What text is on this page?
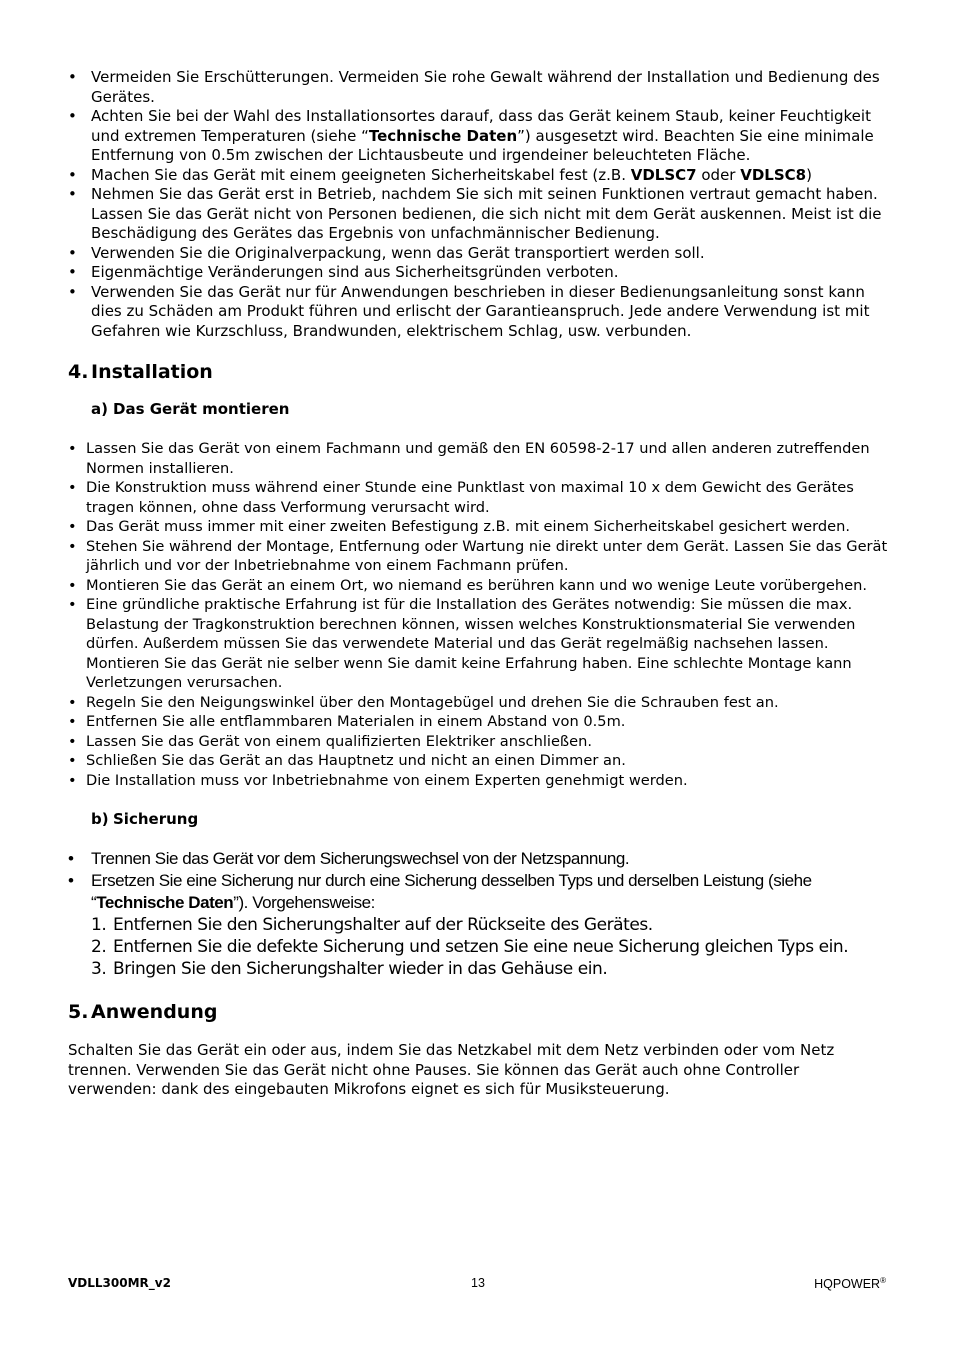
• Vermeiden Sie Erschütterungen. Vermeiden Sie rohe Gewalt während der Installation und Bedienung des Gerätes.
• Achten Sie bei der Wahl des Installationsortes darauf, dass das Gerät keinem Staub, keiner Feuchtigkeit und extremen Temperaturen (siehe “Technische Daten”) ausgesetzt wird. Beachten Sie eine minimale Entfernung von 0.5m zwischen der Lichtausbeute und irgendeiner beleuchteten Fläche.
• Machen Sie das Gerät mit einem geeigneten Sicherheitskabel fest (z.B. VDLSC7 oder VDLSC8)
• Nehmen Sie das Gerät erst in Betrieb, nachdem Sie sich mit seinen Funktionen vertraut gemacht haben. Lassen Sie das Gerät nicht von Personen bedienen, die sich nicht mit dem Gerät auskennen. Meist ist die Beschädigung des Gerätes das Ergebnis von unfachmännischer Bedienung.
• Verwenden Sie die Originalverpackung, wenn das Gerät transportiert werden soll.
• Eigenmächtige Veränderungen sind aus Sicherheitsgründen verboten.
• Verwenden Sie das Gerät nur für Anwendungen beschrieben in dieser Bedienungsanleitung sonst kann dies zu Schäden am Produkt führen und erlischt der Garantieanspruch. Jede andere Verwendung ist mit Gefahren wie Kurzschluss, Brandwunden, elektrischem Schlag, usw. verbunden.
4. Installation
a) Das Gerät montieren
• Lassen Sie das Gerät von einem Fachmann und gemäß den EN 60598-2-17 und allen anderen zutreffenden Normen installieren.
• Die Konstruktion muss während einer Stunde eine Punktlast von maximal 10 x dem Gewicht des Gerätes tragen können, ohne dass Verformung verursacht wird.
• Das Gerät muss immer mit einer zweiten Befestigung z.B. mit einem Sicherheitskabel gesichert werden.
• Stehen Sie während der Montage, Entfernung oder Wartung nie direkt unter dem Gerät. Lassen Sie das Gerät jährlich und vor der Inbetriebnahme von einem Fachmann prüfen.
• Montieren Sie das Gerät an einem Ort, wo niemand es berühren kann und wo wenige Leute vorübergehen.
• Eine gründliche praktische Erfahrung ist für die Installation des Gerätes notwendig: Sie müssen die max. Belastung der Tragkonstruktion berechnen können, wissen welches Konstruktionsmaterial Sie verwenden dürfen. Außerdem müssen Sie das verwendete Material und das Gerät regelmäßig nachsehen lassen. Montieren Sie das Gerät nie selber wenn Sie damit keine Erfahrung haben. Eine schlechte Montage kann Verletzungen verursachen.
• Regeln Sie den Neigungswinkel über den Montagebügel und drehen Sie die Schrauben fest an.
• Entfernen Sie alle entflammbaren Materialen in einem Abstand von 0.5m.
• Lassen Sie das Gerät von einem qualifizierten Elektriker anschließen.
• Schließen Sie das Gerät an das Hauptnetz und nicht an einen Dimmer an.
• Die Installation muss vor Inbetriebnahme von einem Experten genehmigt werden.
b) Sicherung
• Trennen Sie das Gerät vor dem Sicherungswechsel von der Netzspannung.
• Ersetzen Sie eine Sicherung nur durch eine Sicherung desselben Typs und derselben Leistung (siehe “Technische Daten”). Vorgehensweise:
1. Entfernen Sie den Sicherungshalter auf der Rückseite des Gerätes.
2. Entfernen Sie die defekte Sicherung und setzen Sie eine neue Sicherung gleichen Typs ein.
3. Bringen Sie den Sicherungshalter wieder in das Gehäuse ein.
5. Anwendung

Schalten Sie das Gerät ein oder aus, indem Sie das Netzkabel mit dem Netz verbinden oder vom Netz trennen. Verwenden Sie das Gerät nicht ohne Pauses. Sie können das Gerät auch ohne Controller verwenden: dank des eingebauten Mikrofons eignet es sich für Musiksteuerung.

VDLL300MR_v2	13	HQPOWER®
